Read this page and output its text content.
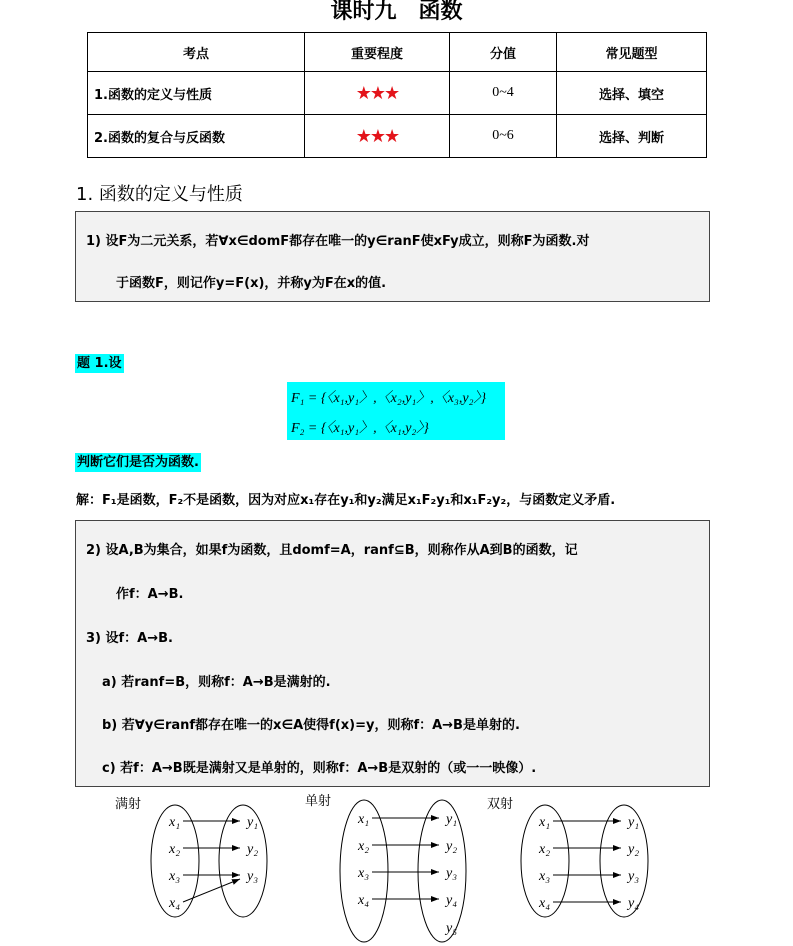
课时九　函数
考点	重要程度	分值	常见题型
1.函数的定义与性质	★★★	0~4	选择、填空
2.函数的复合与反函数	★★★	0~6	选择、判断
1. 函数的定义与性质

1) 设F为二元关系，若∀x∈domF都存在唯一的y∈ranF使xFy成立，则称F为函数.对

于函数F，则记作y=F(x)，并称y为F在x的值.

题 1.设
F₁ = {〈x₁,y₁〉,〈x₂,y₁〉,〈x₃,y₂〉}
F₂ = {〈x₁,y₁〉,〈x₁,y₂〉}
判断它们是否为函数.
解：F₁是函数，F₂不是函数，因为对应x₁存在y₁和y₂满足x₁F₂y₁和x₁F₂y₂，与函数定义矛盾.

2) 设A,B为集合，如果f为函数，且domf=A，ranf⊆B，则称作从A到B的函数，记

作f：A→B.

3) 设f：A→B.

a) 若ranf=B，则称f：A→B是满射的.

b) 若∀y∈ranf都存在唯一的x∈A使得f(x)=y，则称f：A→B是单射的.

c) 若f：A→B既是满射又是单射的，则称f：A→B是双射的（或一一映像）.

满射
x₁
x₂
x₃
x₄
y₁
y₂
y₃
单射
x₁
x₂
x₃
x₄
y₁
y₂
y₃
y₄
y₅
双射
x₁
x₂
x₃
x₄
y₁
y₂
y₃
y₄
